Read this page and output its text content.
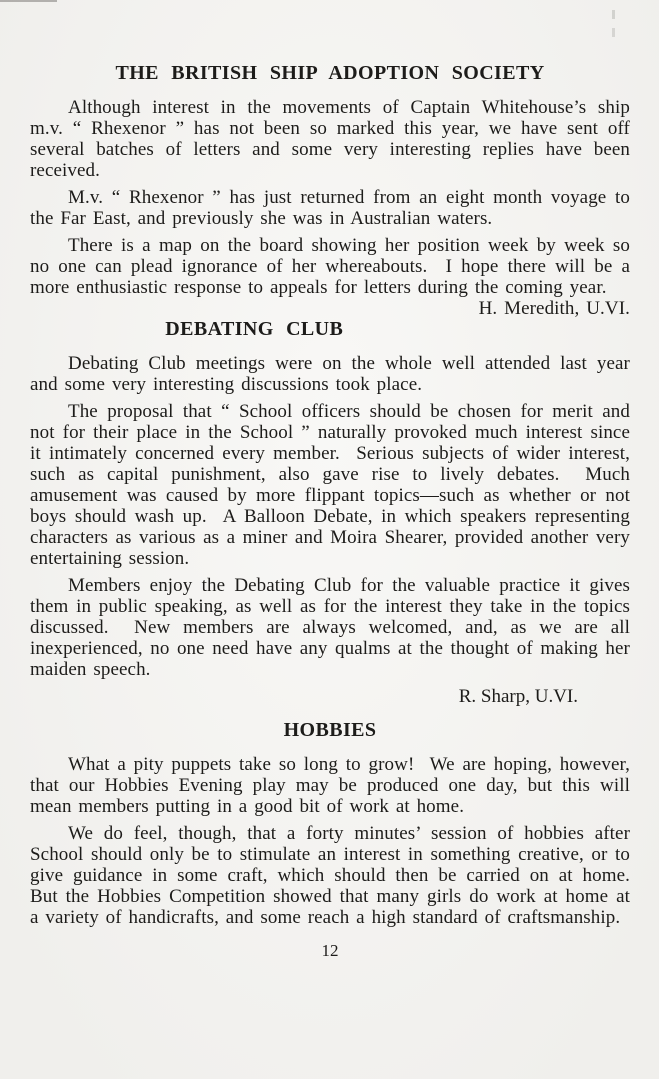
THE BRITISH SHIP ADOPTION SOCIETY

Although interest in the movements of Captain Whitehouse’s ship m.v. “ Rhexenor ” has not been so marked this year, we have sent off several batches of letters and some very interesting replies have been received.

M.v. “ Rhexenor ” has just returned from an eight month voyage to the Far East, and previously she was in Australian waters.

There is a map on the board showing her position week by week so no one can plead ignorance of her whereabouts.  I hope there will be a more enthusiastic response to appeals for letters during the coming year.
H. Meredith, U.VI.

DEBATING CLUB

Debating Club meetings were on the whole well attended last year and some very interesting discussions took place.

The proposal that “ School officers should be chosen for merit and not for their place in the School ” naturally provoked much interest since it intimately concerned every member.  Serious subjects of wider interest, such as capital punishment, also gave rise to lively debates.  Much amusement was caused by more flippant topics—such as whether or not boys should wash up.  A Balloon Debate, in which speakers representing characters as various as a miner and Moira Shearer, provided another very entertaining session.

Members enjoy the Debating Club for the valuable practice it gives them in public speaking, as well as for the interest they take in the topics discussed.  New members are always welcomed, and, as we are all inexperienced, no one need have any qualms at the thought of making her maiden speech.

R. Sharp, U.VI.
HOBBIES

What a pity puppets take so long to grow!  We are hoping, however, that our Hobbies Evening play may be produced one day, but this will mean members putting in a good bit of work at home.

We do feel, though, that a forty minutes’ session of hobbies after School should only be to stimulate an interest in something creative, or to give guidance in some craft, which should then be carried on at home.  But the Hobbies Competition showed that many girls do work at home at a variety of handicrafts, and some reach a high standard of craftsmanship.

12
